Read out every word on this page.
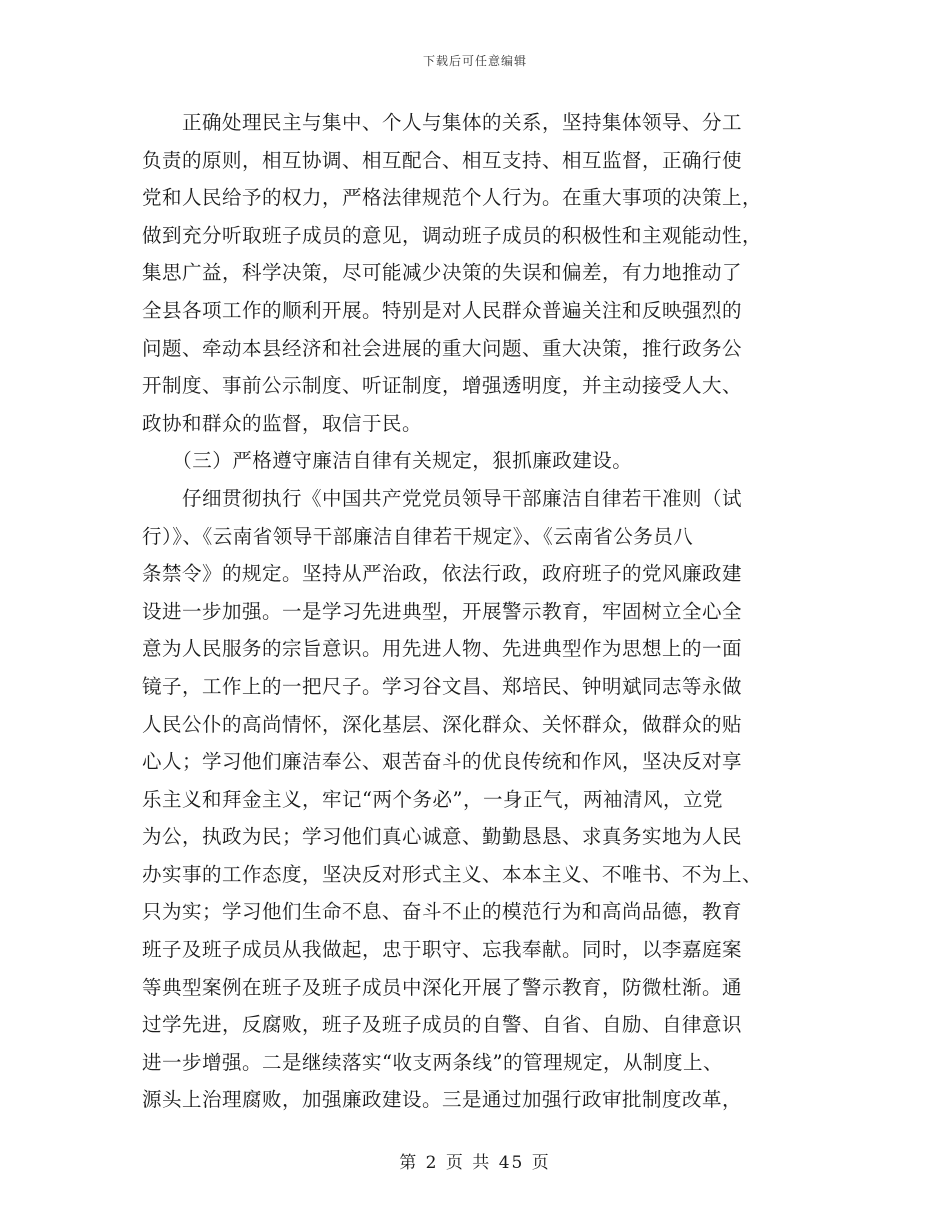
下载后可任意编辑
　　正确处理民主与集中、个人与集体的关系，坚持集体领导、分工
负责的原则，相互协调、相互配合、相互支持、相互监督，正确行使
党和人民给予的权力，严格法律规范个人行为。在重大事项的决策上，
做到充分听取班子成员的意见，调动班子成员的积极性和主观能动性，
集思广益，科学决策，尽可能减少决策的失误和偏差，有力地推动了
全县各项工作的顺利开展。特别是对人民群众普遍关注和反映强烈的
问题、牵动本县经济和社会进展的重大问题、重大决策，推行政务公
开制度、事前公示制度、听证制度，增强透明度，并主动接受人大、
政协和群众的监督，取信于民。
　　（三）严格遵守廉洁自律有关规定，狠抓廉政建设。
　　仔细贯彻执行《中国共产党党员领导干部廉洁自律若干准则（试
行）》、《云南省领导干部廉洁自律若干规定》、《云南省公务员八
条禁令》的规定。坚持从严治政，依法行政，政府班子的党风廉政建
设进一步加强。一是学习先进典型，开展警示教育，牢固树立全心全
意为人民服务的宗旨意识。用先进人物、先进典型作为思想上的一面
镜子，工作上的一把尺子。学习谷文昌、郑培民、钟明斌同志等永做
人民公仆的高尚情怀，深化基层、深化群众、关怀群众，做群众的贴
心人；学习他们廉洁奉公、艰苦奋斗的优良传统和作风，坚决反对享
乐主义和拜金主义，牢记“两个务必”，一身正气，两袖清风，立党
为公，执政为民；学习他们真心诚意、勤勤恳恳、求真务实地为人民
办实事的工作态度，坚决反对形式主义、本本主义、不唯书、不为上、
只为实；学习他们生命不息、奋斗不止的模范行为和高尚品德，教育
班子及班子成员从我做起，忠于职守、忘我奉献。同时，以李嘉庭案
等典型案例在班子及班子成员中深化开展了警示教育，防微杜渐。通
过学先进，反腐败，班子及班子成员的自警、自省、自励、自律意识
进一步增强。二是继续落实“收支两条线”的管理规定，从制度上、
源头上治理腐败，加强廉政建设。三是通过加强行政审批制度改革，
第 2 页 共 45 页
